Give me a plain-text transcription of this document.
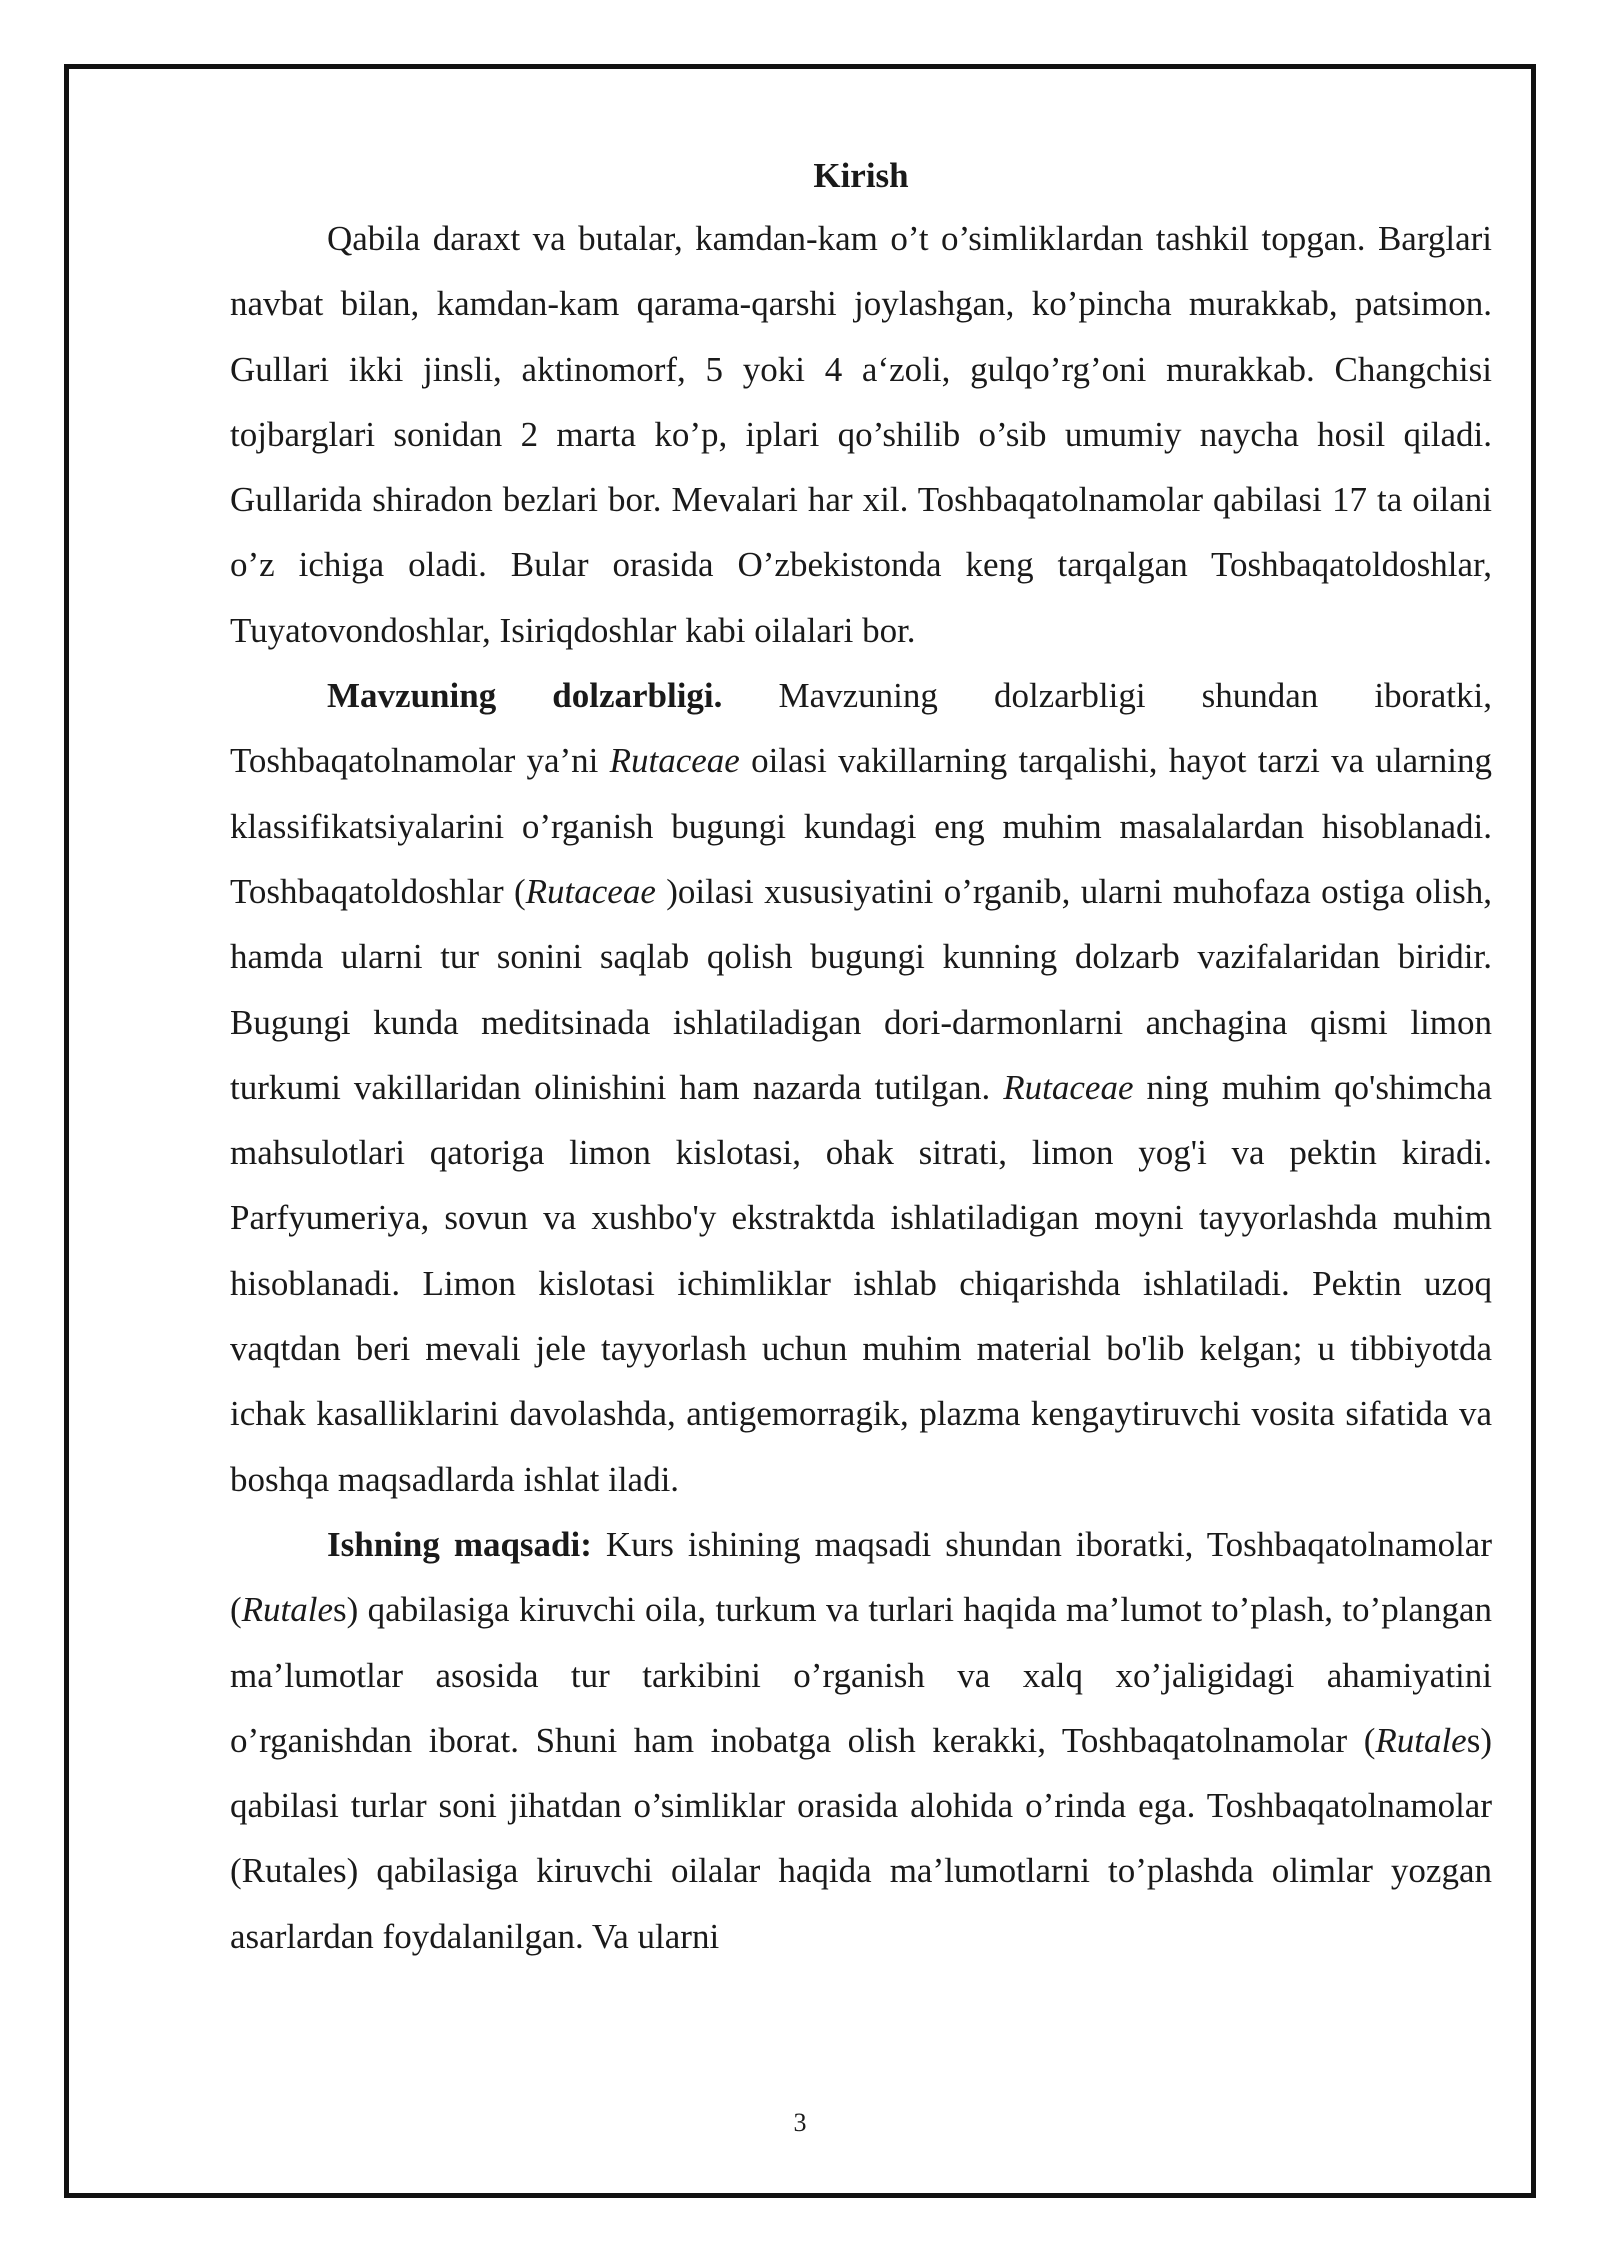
Kirish

Qabila daraxt va butalar, kamdan-kam o’t o’simliklardan tashkil topgan. Barglari navbat bilan, kamdan-kam qarama-qarshi joylashgan, ko’pincha murakkab, patsimon. Gullari ikki jinsli, aktinomorf, 5 yoki 4 a‘zoli, gulqo’rg’oni murakkab. Changchisi tojbarglari sonidan 2 marta ko’p, iplari qo’shilib o’sib umumiy naycha hosil qiladi. Gullarida shiradon bezlari bor. Mevalari har xil. Toshbaqatolnamolar qabilasi 17 ta oilani o’z ichiga oladi. Bular orasida O’zbekistonda keng tarqalgan Toshbaqatoldoshlar, Tuyatovondoshlar, Isiriqdoshlar kabi oilalari bor.

Mavzuning dolzarbligi. Mavzuning dolzarbligi shundan iboratki, Toshbaqatolnamolar ya’ni Rutaceae oilasi vakillarning tarqalishi, hayot tarzi va ularning klassifikatsiyalarini o’rganish bugungi kundagi eng muhim masalalardan hisoblanadi. Toshbaqatoldoshlar (Rutaceae )oilasi xususiyatini o’rganib, ularni muhofaza ostiga olish, hamda ularni tur sonini saqlab qolish bugungi kunning dolzarb vazifalaridan biridir. Bugungi kunda meditsinada ishlatiladigan dori-darmonlarni anchagina qismi limon turkumi vakillaridan olinishini ham nazarda tutilgan. Rutaceae ning muhim qo'shimcha mahsulotlari qatoriga limon kislotasi, ohak sitrati, limon yog'i va pektin kiradi. Parfyumeriya, sovun va xushbo'y ekstraktda ishlatiladigan moyni tayyorlashda muhim hisoblanadi. Limon kislotasi ichimliklar ishlab chiqarishda ishlatiladi. Pektin uzoq vaqtdan beri mevali jele tayyorlash uchun muhim material bo'lib kelgan; u tibbiyotda ichak kasalliklarini davolashda, antigemorragik, plazma kengaytiruvchi vosita sifatida va boshqa maqsadlarda ishlat iladi.

Ishning maqsadi: Kurs ishining maqsadi shundan iboratki, Toshbaqatolnamolar (Rutales) qabilasiga kiruvchi oila, turkum va turlari haqida ma’lumot to’plash, to’plangan ma’lumotlar asosida tur tarkibini o’rganish va xalq xo’jaligidagi ahamiyatini o’rganishdan iborat. Shuni ham inobatga olish kerakki, Toshbaqatolnamolar (Rutales) qabilasi turlar soni jihatdan o’simliklar orasida alohida o’rinda ega. Toshbaqatolnamolar (Rutales) qabilasiga kiruvchi oilalar haqida ma’lumotlarni to’plashda olimlar yozgan asarlardan foydalanilgan. Va ularni

3
